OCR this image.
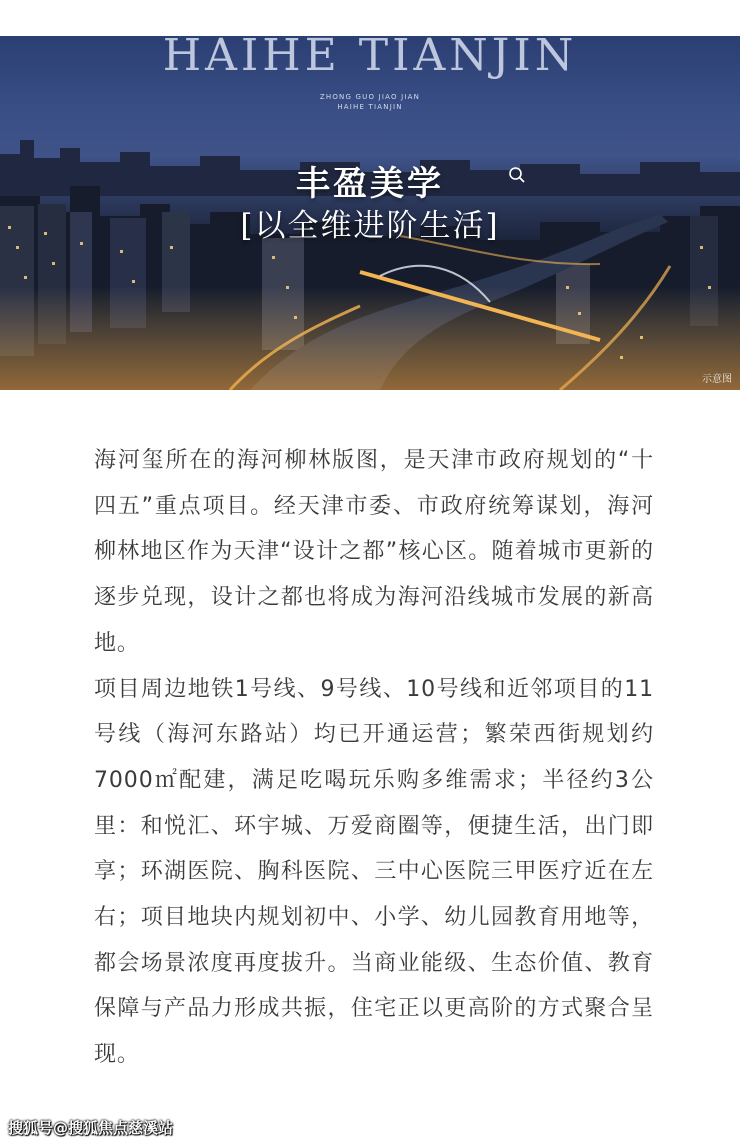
HAIHE TIANJIN
ZHONG GUO JIAO JIAN
HAIHE TIANJIN
丰盈美学
[以全维进阶生活]
示意图

海河玺所在的海河柳林版图，是天津市政府规划的“十四五”重点项目。经天津市委、市政府统筹谋划，海河柳林地区作为天津“设计之都”核心区。随着城市更新的逐步兑现，设计之都也将成为海河沿线城市发展的新高地。

项目周边地铁1号线、9号线、10号线和近邻项目的11号线（海河东路站）均已开通运营；繁荣西街规划约7000㎡配建，满足吃喝玩乐购多维需求；半径约3公里：和悦汇、环宇城、万爱商圈等，便捷生活，出门即享；环湖医院、胸科医院、三中心医院三甲医疗近在左右；项目地块内规划初中、小学、幼儿园教育用地等，都会场景浓度再度拔升。当商业能级、生态价值、教育保障与产品力形成共振，住宅正以更高阶的方式聚合呈现。

搜狐号@搜狐焦点慈溪站
